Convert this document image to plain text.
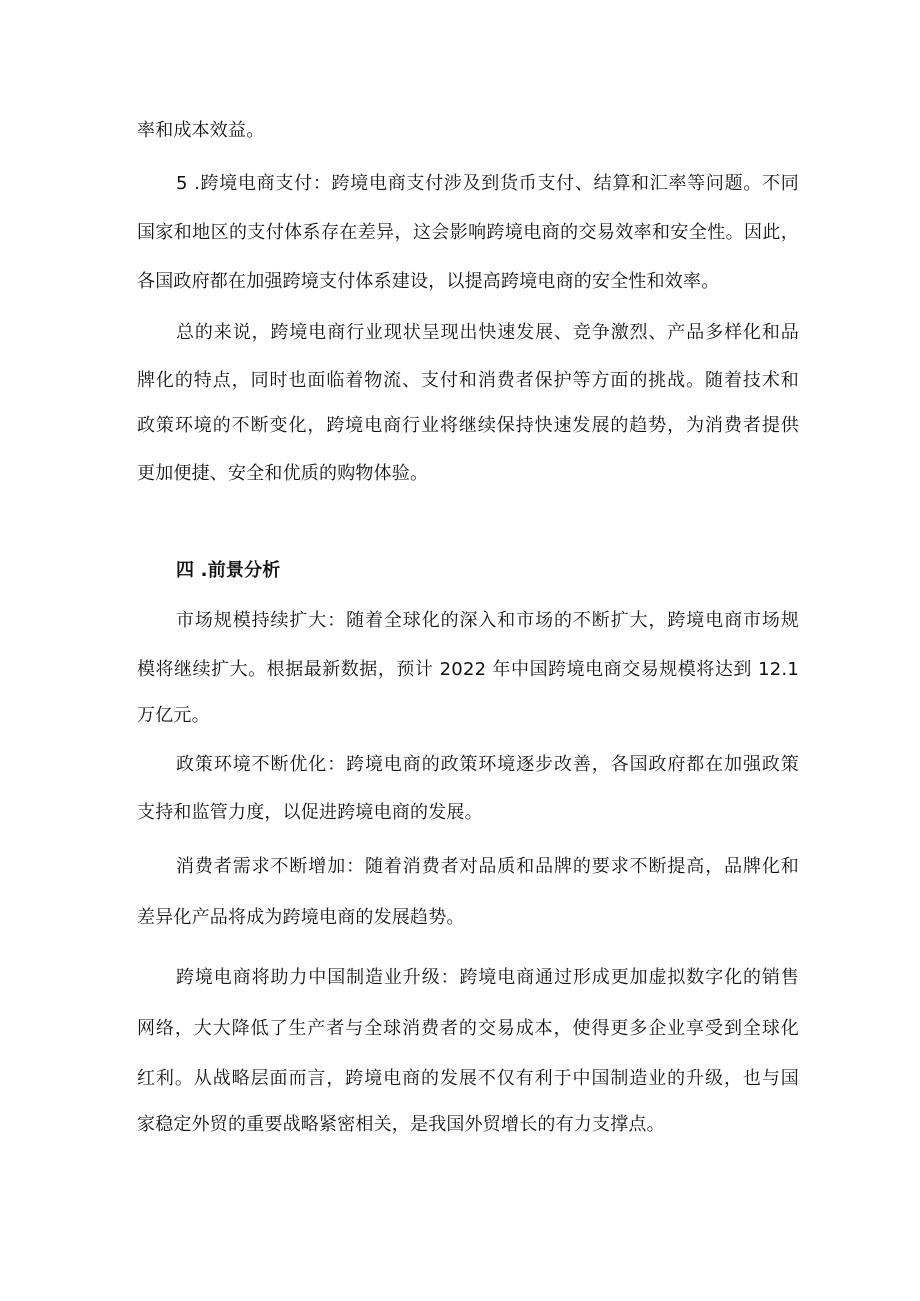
率和成本效益。
5 .跨境电商支付：跨境电商支付涉及到货币支付、结算和汇率等问题。不同
国家和地区的支付体系存在差异，这会影响跨境电商的交易效率和安全性。因此，
各国政府都在加强跨境支付体系建设，以提高跨境电商的安全性和效率。
总的来说，跨境电商行业现状呈现出快速发展、竞争激烈、产品多样化和品
牌化的特点，同时也面临着物流、支付和消费者保护等方面的挑战。随着技术和
政策环境的不断变化，跨境电商行业将继续保持快速发展的趋势，为消费者提供
更加便捷、安全和优质的购物体验。
四 .前景分析
市场规模持续扩大：随着全球化的深入和市场的不断扩大，跨境电商市场规
模将继续扩大。根据最新数据，预计 2022 年中国跨境电商交易规模将达到 12.1
万亿元。
政策环境不断优化：跨境电商的政策环境逐步改善，各国政府都在加强政策
支持和监管力度，以促进跨境电商的发展。
消费者需求不断增加：随着消费者对品质和品牌的要求不断提高，品牌化和
差异化产品将成为跨境电商的发展趋势。
跨境电商将助力中国制造业升级：跨境电商通过形成更加虚拟数字化的销售
网络，大大降低了生产者与全球消费者的交易成本，使得更多企业享受到全球化
红利。从战略层面而言，跨境电商的发展不仅有利于中国制造业的升级，也与国
家稳定外贸的重要战略紧密相关，是我国外贸增长的有力支撑点。
